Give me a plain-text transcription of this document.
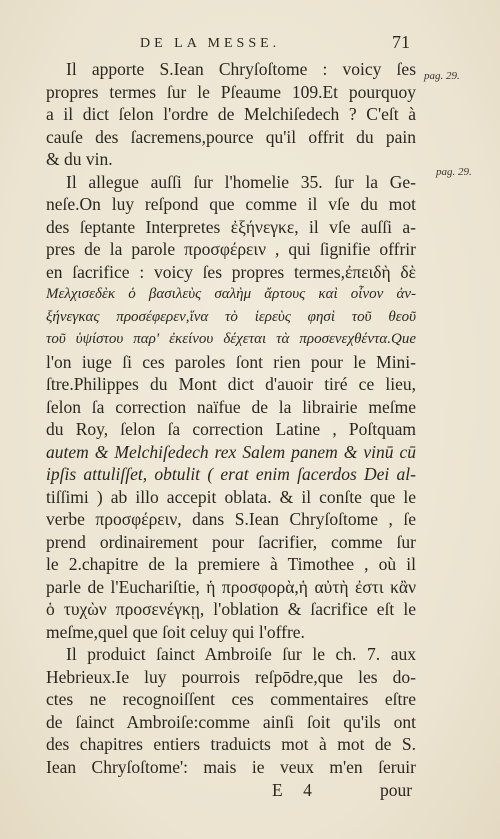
DE LA MESSE.	71
pag. 29.
pag. 29.
Il apporte S.Iean Chryſoſtome : voicy ſes
propres termes ſur le Pſeaume 109.Et pourquoy
a il dict ſelon l'ordre de Melchiſedech ? C'eſt à
cauſe des ſacremens,pource qu'il offrit du pain
& du vin.
Il allegue auſſi ſur l'homelie 35. ſur la Ge-
neſe.On luy reſpond que comme il vſe du mot
des ſeptante Interpretes ἐξήνεγκε, il vſe auſſi a-
pres de la parole προσφέρειν , qui ſignifie offrir
en ſacrifice : voicy ſes propres termes,ἐπειδὴ δὲ
Μελχισεδὲκ ὁ βασιλεὺς σαλὴμ ἄρτους καὶ οἶνον ἀν-
ξήνεγκας προσέφερεν,ἵνα τὸ ἱερεὺς φησὶ τοῦ θεοῦ
τοῦ ὑψίστου παρ' ἐκείνου δέχεται τὰ προσενεχθέντα.Que
l'on iuge ſi ces paroles ſont rien pour le Mini-
ſtre.Philippes du Mont dict d'auoir tiré ce lieu,
ſelon ſa correction naïfue de la librairie meſme
du Roy, ſelon ſa correction Latine , Poſtquam
autem & Melchiſedech rex Salem panem & vinū cū
ipſis attuliſſet, obtulit ( erat enim ſacerdos Dei al-
tiſſimi ) ab illo accepit oblata. & il conſte que le
verbe προσφέρειν, dans S.Iean Chryſoſtome , ſe
prend ordinairement pour ſacrifier, comme ſur
le 2.chapitre de la premiere à Timothee , où il
parle de l'Euchariſtie, ἡ προσφορὰ,ἡ αὐτὴ ἐστι κἂν
ὁ τυχὼν προσενέγκῃ, l'oblation & ſacrifice eſt le
meſme,quel que ſoit celuy qui l'offre.
Il produict ſainct Ambroiſe ſur le ch. 7. aux
Hebrieux.Ie luy pourrois reſpōdre,que les do-
ctes ne recognoiſſent ces commentaires eſtre
de ſainct Ambroiſe:comme ainſi ſoit qu'ils ont
des chapitres entiers traduicts mot à mot de S.
Iean Chryſoſtome': mais ie veux m'en ſeruir
E 4	pour
